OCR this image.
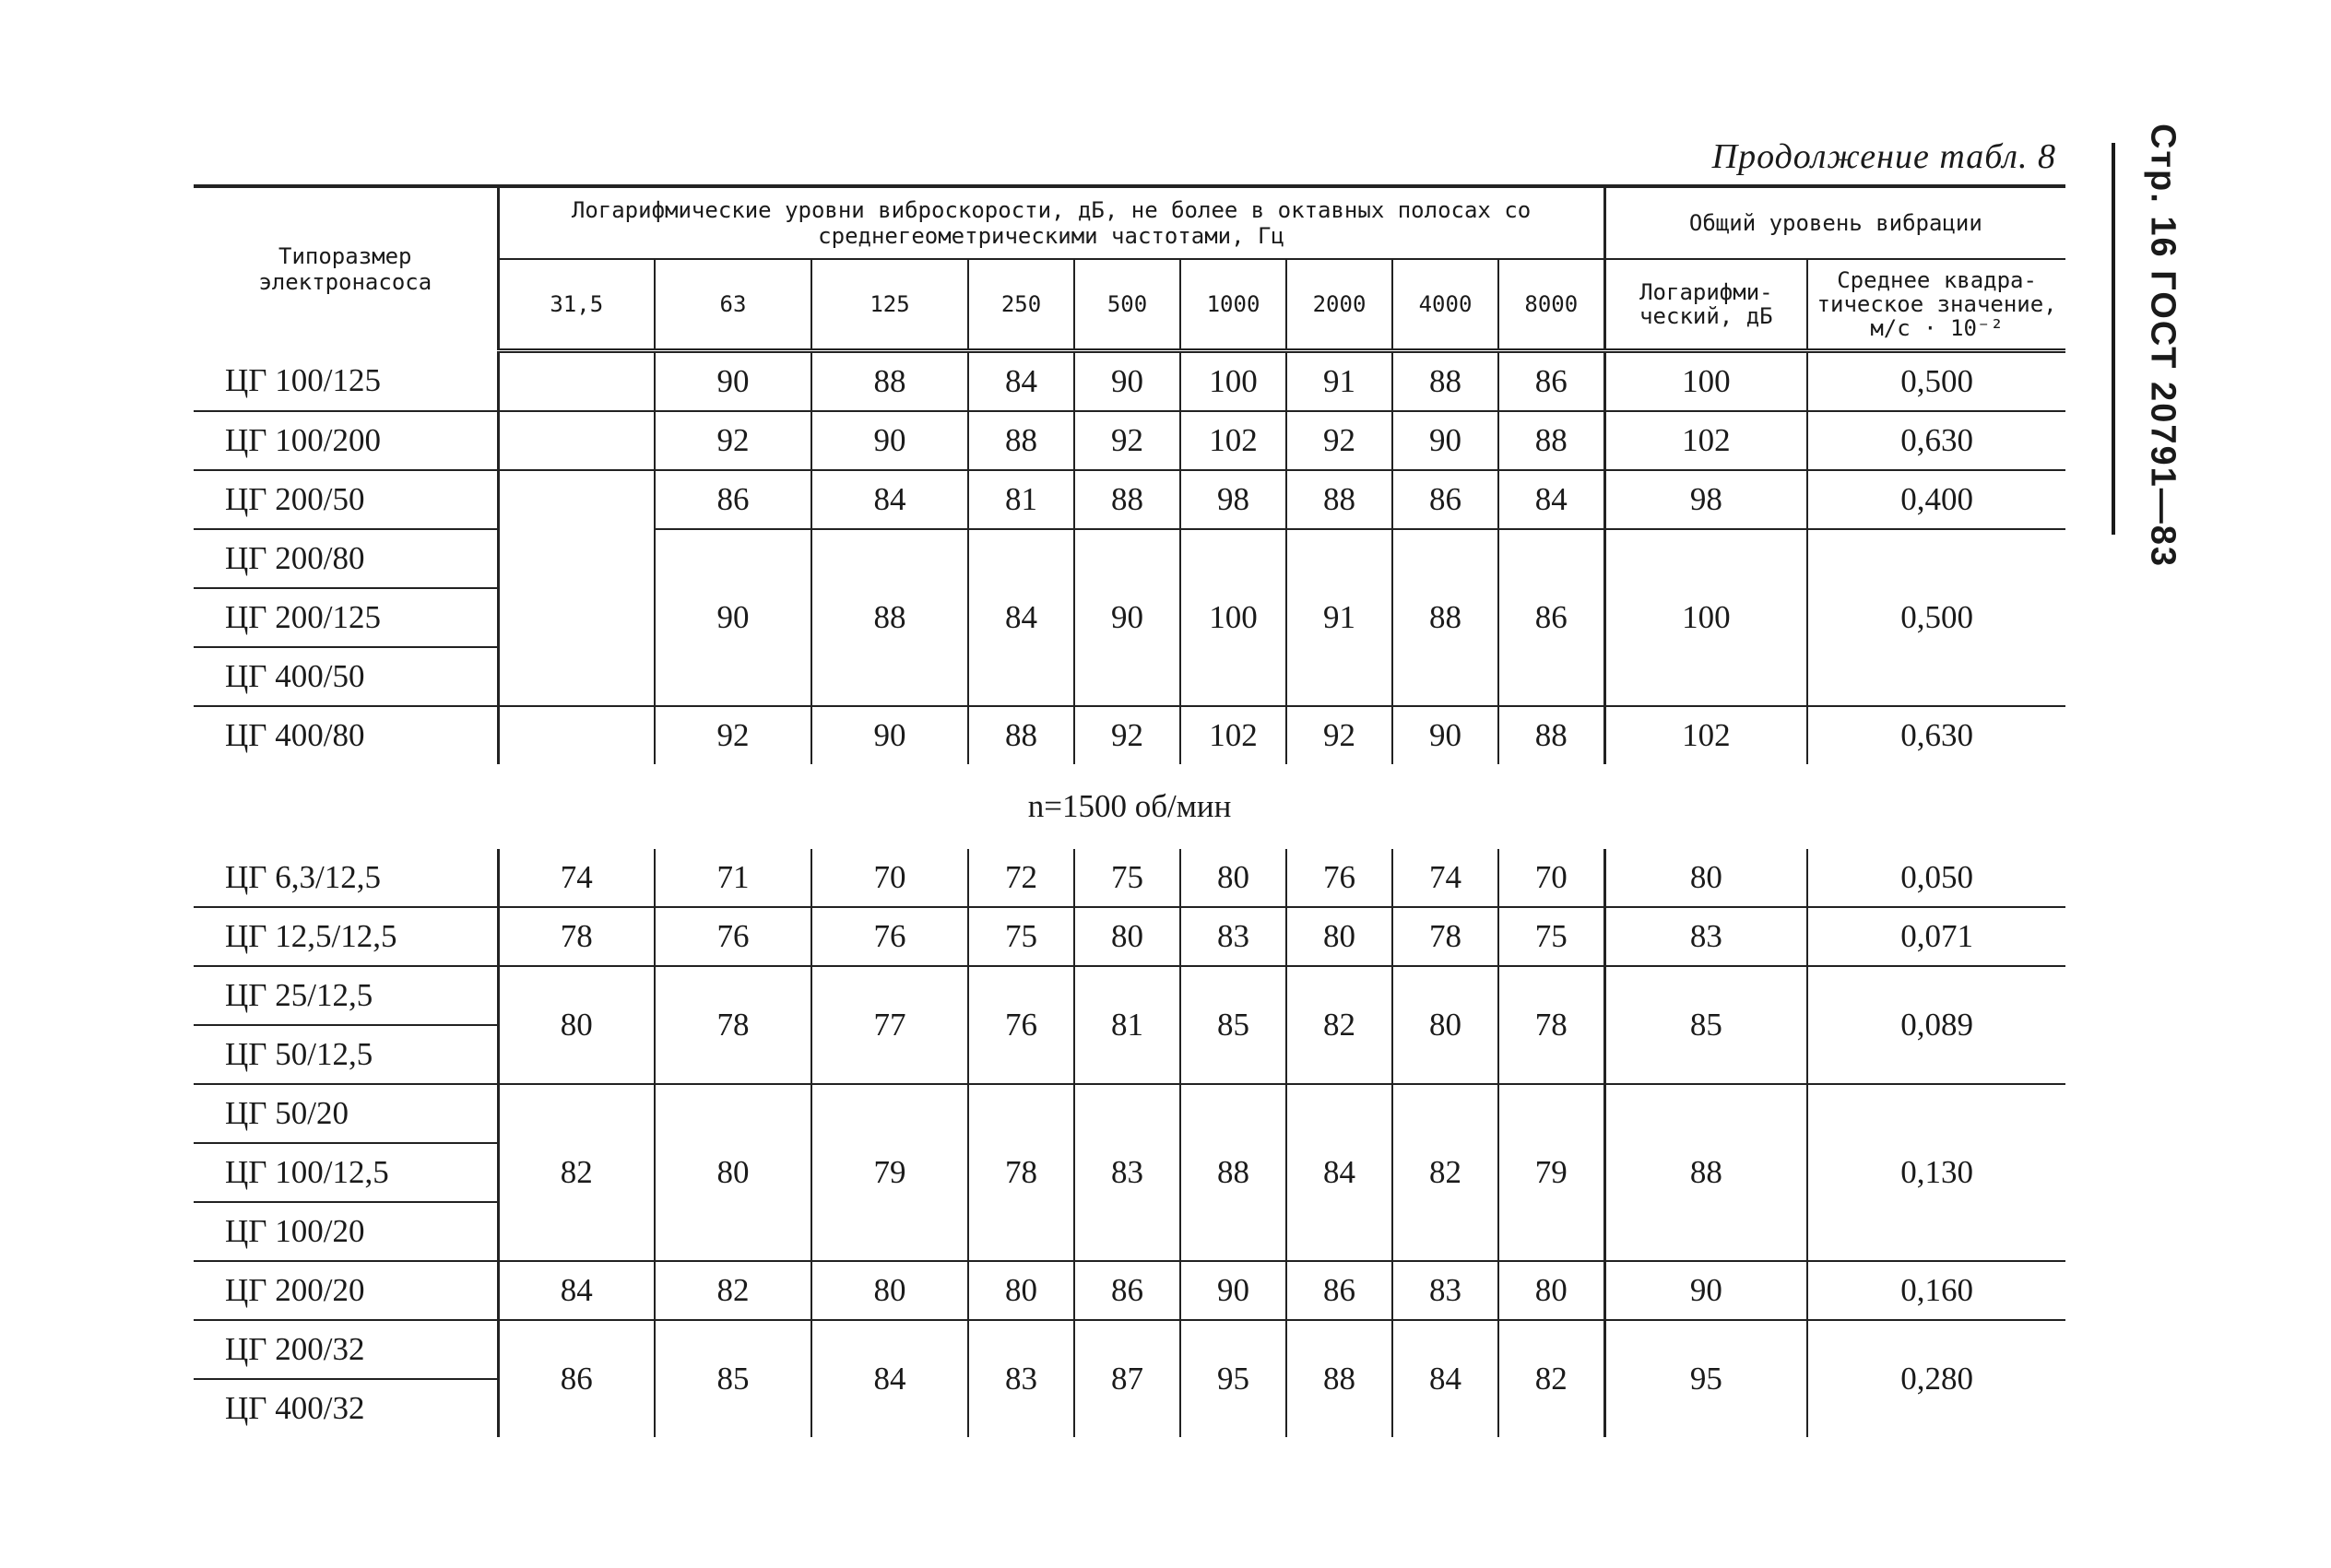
Продолжение табл. 8 Стр. 16 ГОСТ 20791—83
Типоразмер электронасоса	Логарифмические уровни виброскорости, дБ, не более в октавных полосах со среднегеометрическими частотами, Гц									Общий уровень вибрации	
	31,5	63	125	250	500	1000	2000	4000	8000	Логарифми-ческий, дБ	Среднее квадра-тическое значение, м/с · 10⁻²
ЦГ 100/125		90	88	84	90	100	91	88	86	100	0,500
ЦГ 100/200		92	90	88	92	102	92	90	88	102	0,630
ЦГ 200/50		86	84	81	88	98	88	86	84	98	0,400
ЦГ 200/80		90	88	84	90	100	91	88	86	100	0,500
ЦГ 200/125											
ЦГ 400/50											
ЦГ 400/80		92	90	88	92	102	92	90	88	102	0,630
n=1500 об/мин											
ЦГ 6,3/12,5	74	71	70	72	75	80	76	74	70	80	0,050
ЦГ 12,5/12,5	78	76	76	75	80	83	80	78	75	83	0,071
ЦГ 25/12,5	80	78	77	76	81	85	82	80	78	85	0,089
ЦГ 50/12,5											
ЦГ 50/20	82	80	79	78	83	88	84	82	79	88	0,130
ЦГ 100/12,5											
ЦГ 100/20											
ЦГ 200/20	84	82	80	80	86	90	86	83	80	90	0,160
ЦГ 200/32	86	85	84	83	87	95	88	84	82	95	0,280
ЦГ 400/32											
